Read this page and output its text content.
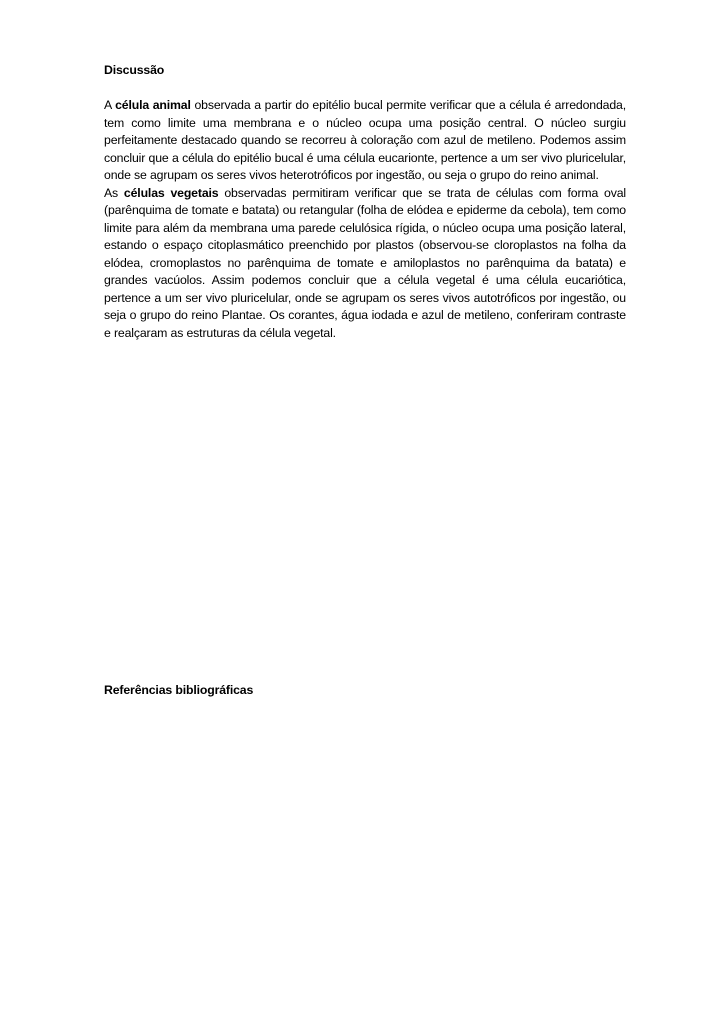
Discussão

A célula animal observada a partir do epitélio bucal permite verificar que a célula é arredondada, tem como limite uma membrana e o núcleo ocupa uma posição central. O núcleo surgiu perfeitamente destacado quando se recorreu à coloração com azul de metileno. Podemos assim concluir que a célula do epitélio bucal é uma célula eucarionte, pertence a um ser vivo pluricelular, onde se agrupam os seres vivos heterotróficos por ingestão, ou seja o grupo do reino animal.

As células vegetais observadas permitiram verificar que se trata de células com forma oval (parênquima de tomate e batata) ou retangular (folha de elódea e epiderme da cebola), tem como limite para além da membrana uma parede celulósica rígida, o núcleo ocupa uma posição lateral, estando o espaço citoplasmático preenchido por plastos (observou-se cloroplastos na folha da elódea, cromoplastos no parênquima de tomate e amiloplastos no parênquima da batata) e grandes vacúolos. Assim podemos concluir que a célula vegetal é uma célula eucariótica, pertence a um ser vivo pluricelular, onde se agrupam os seres vivos autotróficos por ingestão, ou seja o grupo do reino Plantae. Os corantes, água iodada e azul de metileno, conferiram contraste e realçaram as estruturas da célula vegetal.

Referências bibliográficas
